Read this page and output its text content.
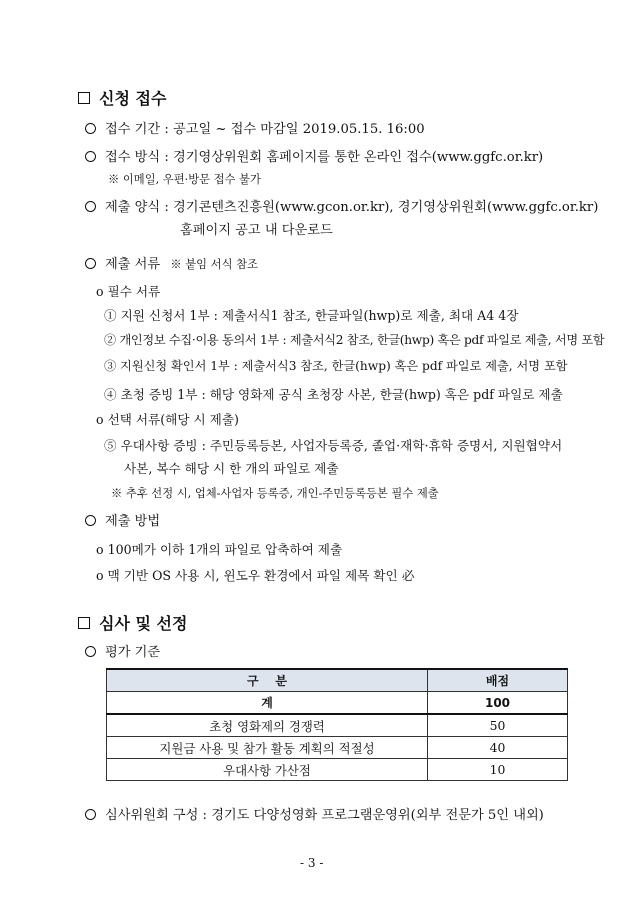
신청 접수
접수 기간 : 공고일 ~ 접수 마감일 2019.05.15. 16:00
접수 방식 : 경기영상위원회 홈페이지를 통한 온라인 접수(www.ggfc.or.kr)
※ 이메일, 우편·방문 접수 불가
제출 양식 : 경기콘텐츠진흥원(www.gcon.or.kr), 경기영상위원회(www.ggfc.or.kr)
홈페이지 공고 내 다운로드
제출 서류 ※ 붙임 서식 참조
o 필수 서류
① 지원 신청서 1부 : 제출서식1 참조, 한글파일(hwp)로 제출, 최대 A4 4장
② 개인정보 수집·이용 동의서 1부 : 제출서식2 참조, 한글(hwp) 혹은 pdf 파일로 제출, 서명 포함
③ 지원신청 확인서 1부 : 제출서식3 참조, 한글(hwp) 혹은 pdf 파일로 제출, 서명 포함
④ 초청 증빙 1부 : 해당 영화제 공식 초청장 사본, 한글(hwp) 혹은 pdf 파일로 제출
o 선택 서류(해당 시 제출)
⑤ 우대사항 증빙 : 주민등록등본, 사업자등록증, 졸업·재학·휴학 증명서, 지원협약서
사본, 복수 해당 시 한 개의 파일로 제출
※ 추후 선정 시, 업체-사업자 등록증, 개인-주민등록등본 필수 제출
제출 방법
o 100메가 이하 1개의 파일로 압축하여 제출
o 맥 기반 OS 사용 시, 윈도우 환경에서 파일 제목 확인 必
심사 및 선정
평가 기준
구    분	배점
계	100
초청 영화제의 경쟁력	50
지원금 사용 및 참가 활동 계획의 적절성	40
우대사항 가산점	10
심사위원회 구성 : 경기도 다양성영화 프로그램운영위(외부 전문가 5인 내외)
- 3 -
